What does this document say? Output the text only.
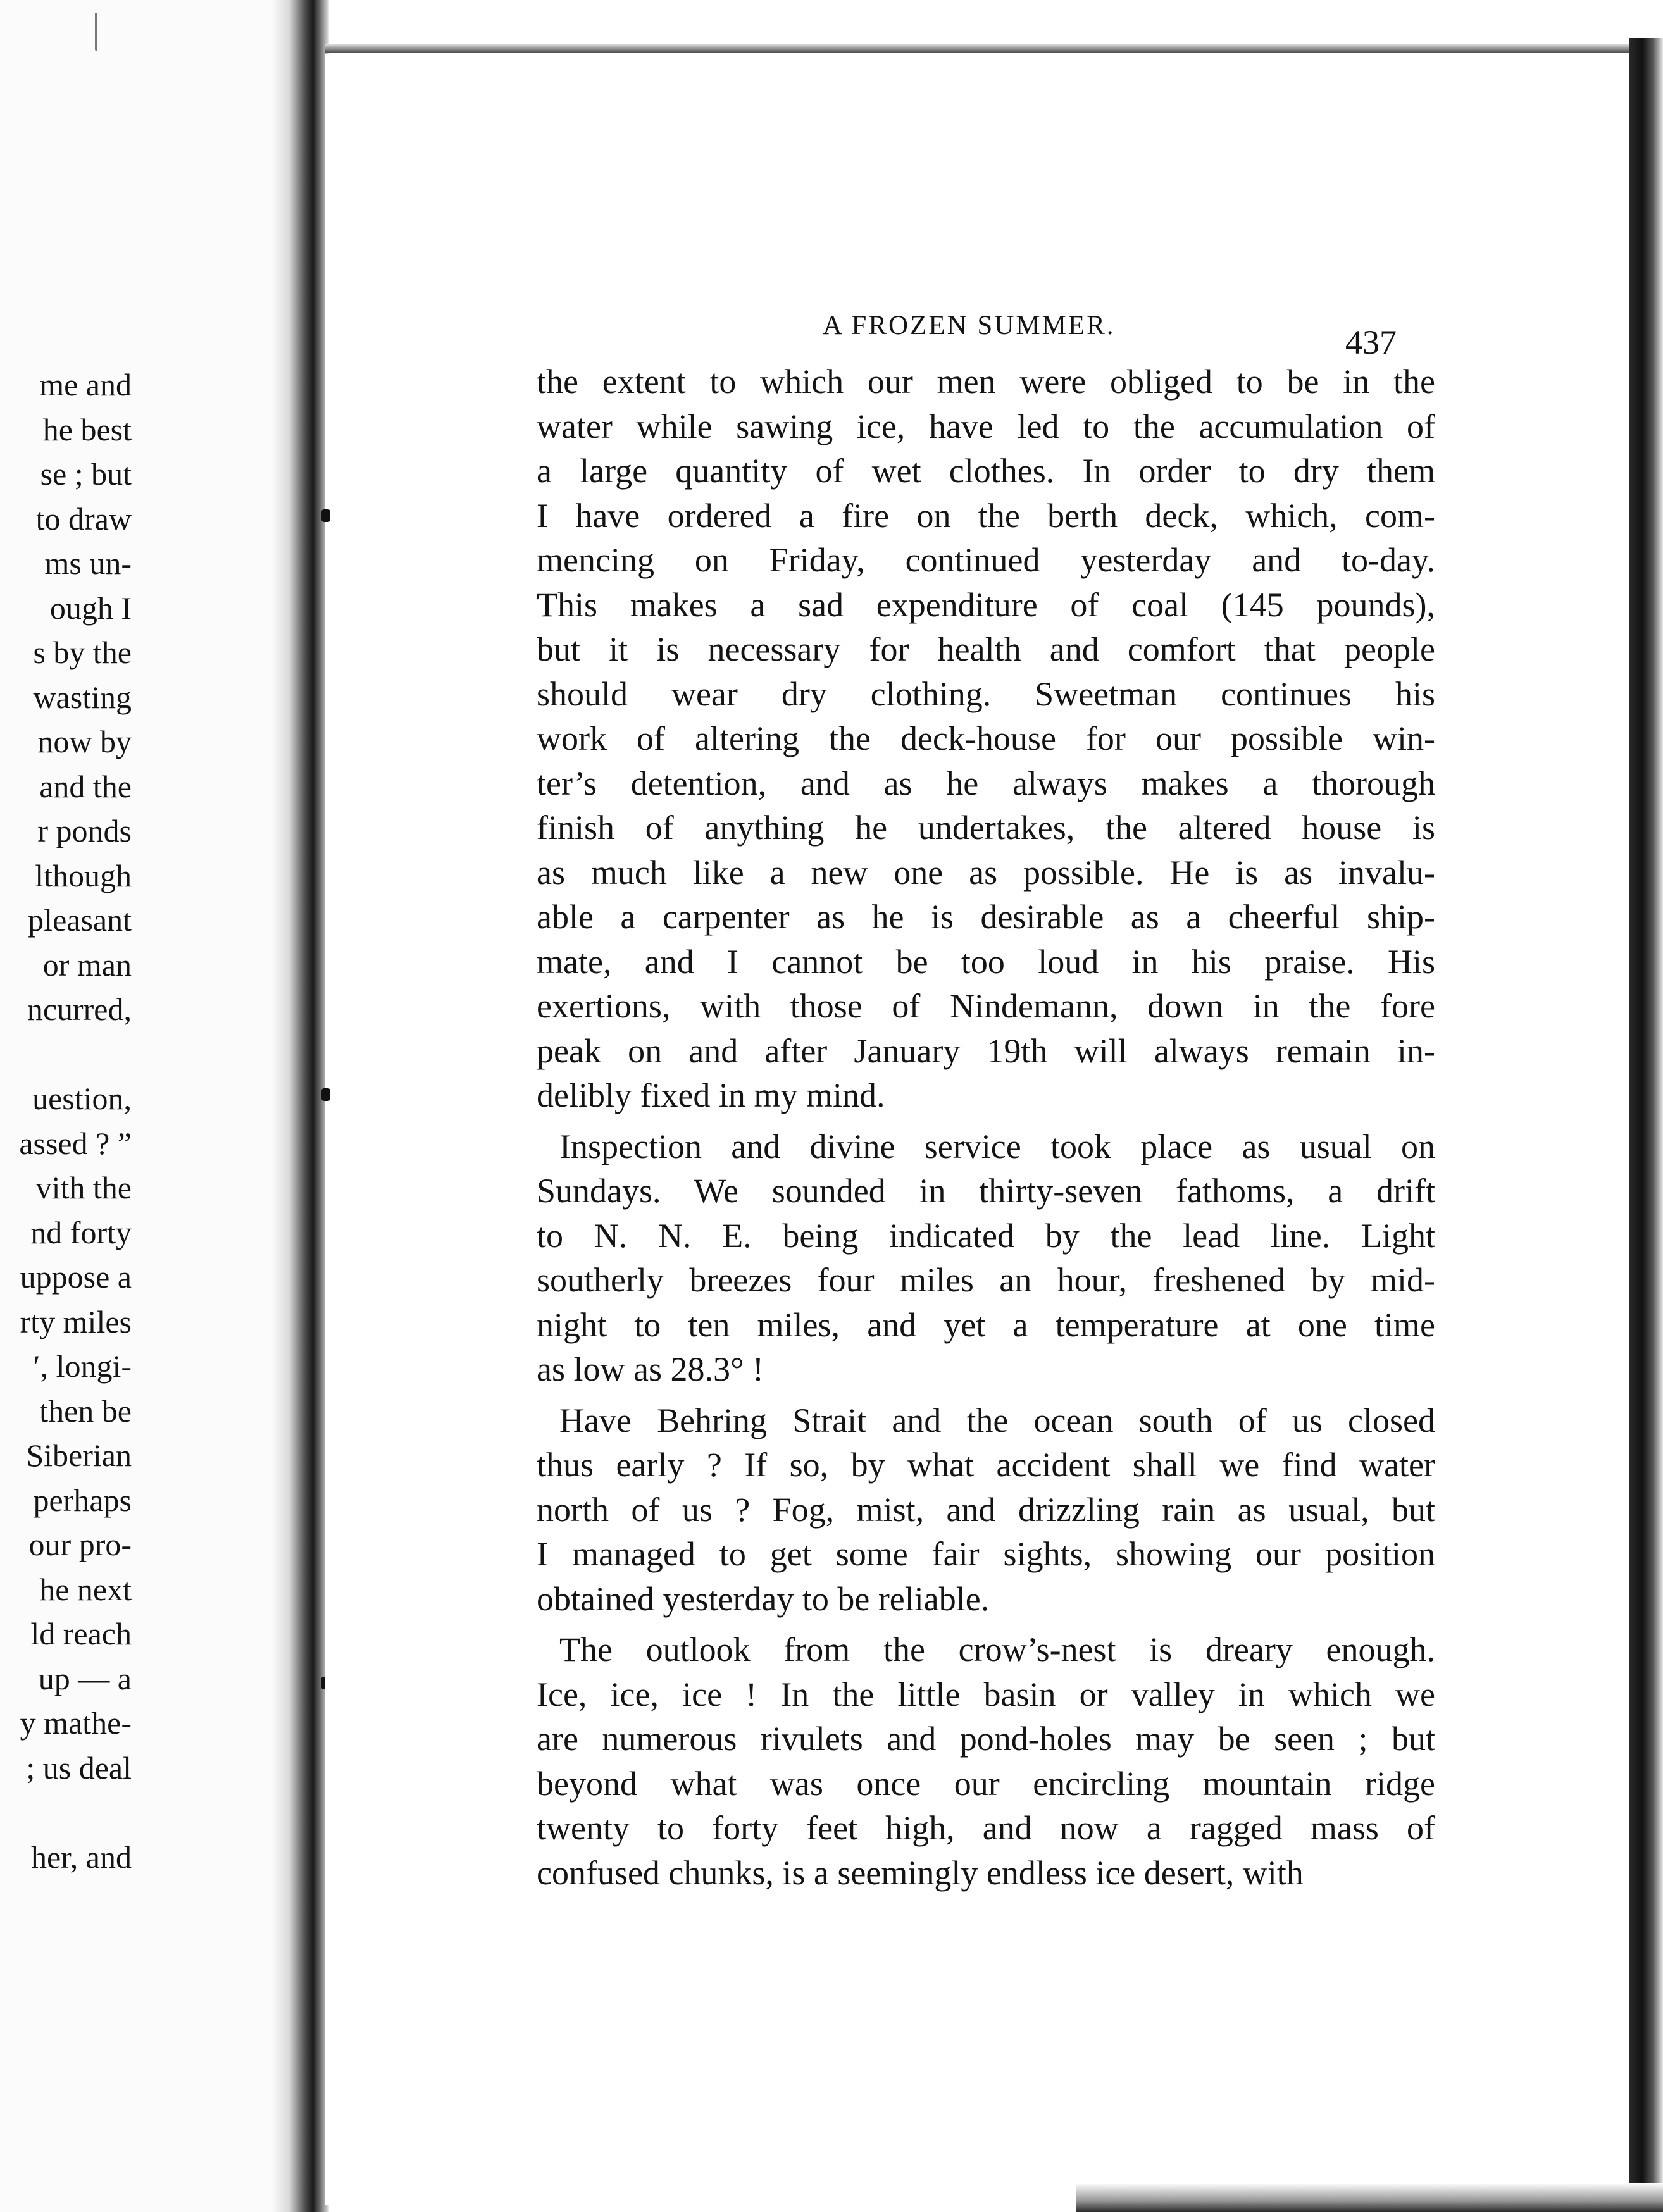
me and
he best
se ; but
to draw
ms un-
ough I
s by the
wasting
now by
and the
r ponds
lthough
pleasant
or man
ncurred,
uestion,
assed ? ”
vith the
nd forty
uppose a
rty miles
′, longi-
then be
Siberian
perhaps
our pro-
he next
ld reach
up — a
y mathe-
; us deal
her, and
A FROZEN SUMMER.	437
the extent to which our men were obliged to be in the
water while sawing ice, have led to the accumulation of
a large quantity of wet clothes. In order to dry them
I have ordered a fire on the berth deck, which, com-
mencing on Friday, continued yesterday and to-day.
This makes a sad expenditure of coal (145 pounds),
but it is necessary for health and comfort that people
should wear dry clothing. Sweetman continues his
work of altering the deck-house for our possible win-
ter’s detention, and as he always makes a thorough
finish of anything he undertakes, the altered house is
as much like a new one as possible. He is as invalu-
able a carpenter as he is desirable as a cheerful ship-
mate, and I cannot be too loud in his praise. His
exertions, with those of Nindemann, down in the fore
peak on and after January 19th will always remain in-
delibly fixed in my mind.
Inspection and divine service took place as usual on
Sundays. We sounded in thirty-seven fathoms, a drift
to N. N. E. being indicated by the lead line. Light
southerly breezes four miles an hour, freshened by mid-
night to ten miles, and yet a temperature at one time
as low as 28.3° !
Have Behring Strait and the ocean south of us closed
thus early ? If so, by what accident shall we find water
north of us ? Fog, mist, and drizzling rain as usual, but
I managed to get some fair sights, showing our position
obtained yesterday to be reliable.
The outlook from the crow’s-nest is dreary enough.
Ice, ice, ice ! In the little basin or valley in which we
are numerous rivulets and pond-holes may be seen ; but
beyond what was once our encircling mountain ridge
twenty to forty feet high, and now a ragged mass of
confused chunks, is a seemingly endless ice desert, with
